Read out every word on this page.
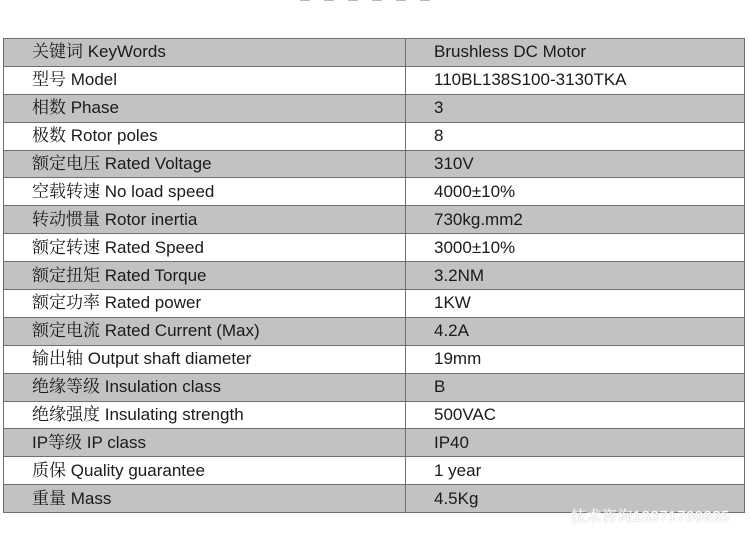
关键词 KeyWords	Brushless DC Motor
型号 Model	110BL138S100-3130TKA
相数 Phase	3
极数 Rotor poles	8
额定电压 Rated Voltage	310V
空载转速 No load speed	4000±10%
转动惯量 Rotor inertia	730kg.mm2
额定转速 Rated Speed	3000±10%
额定扭矩 Rated Torque	3.2NM
额定功率 Rated power	1KW
额定电流 Rated Current (Max)	4.2A
输出轴 Output shaft diameter	19mm
绝缘等级 Insulation class	B
绝缘强度 Insulating strength	500VAC
IP等级 IP class	IP40
质保 Quality guarantee	1 year
重量 Mass	4.5Kg
技术咨询13371760935
